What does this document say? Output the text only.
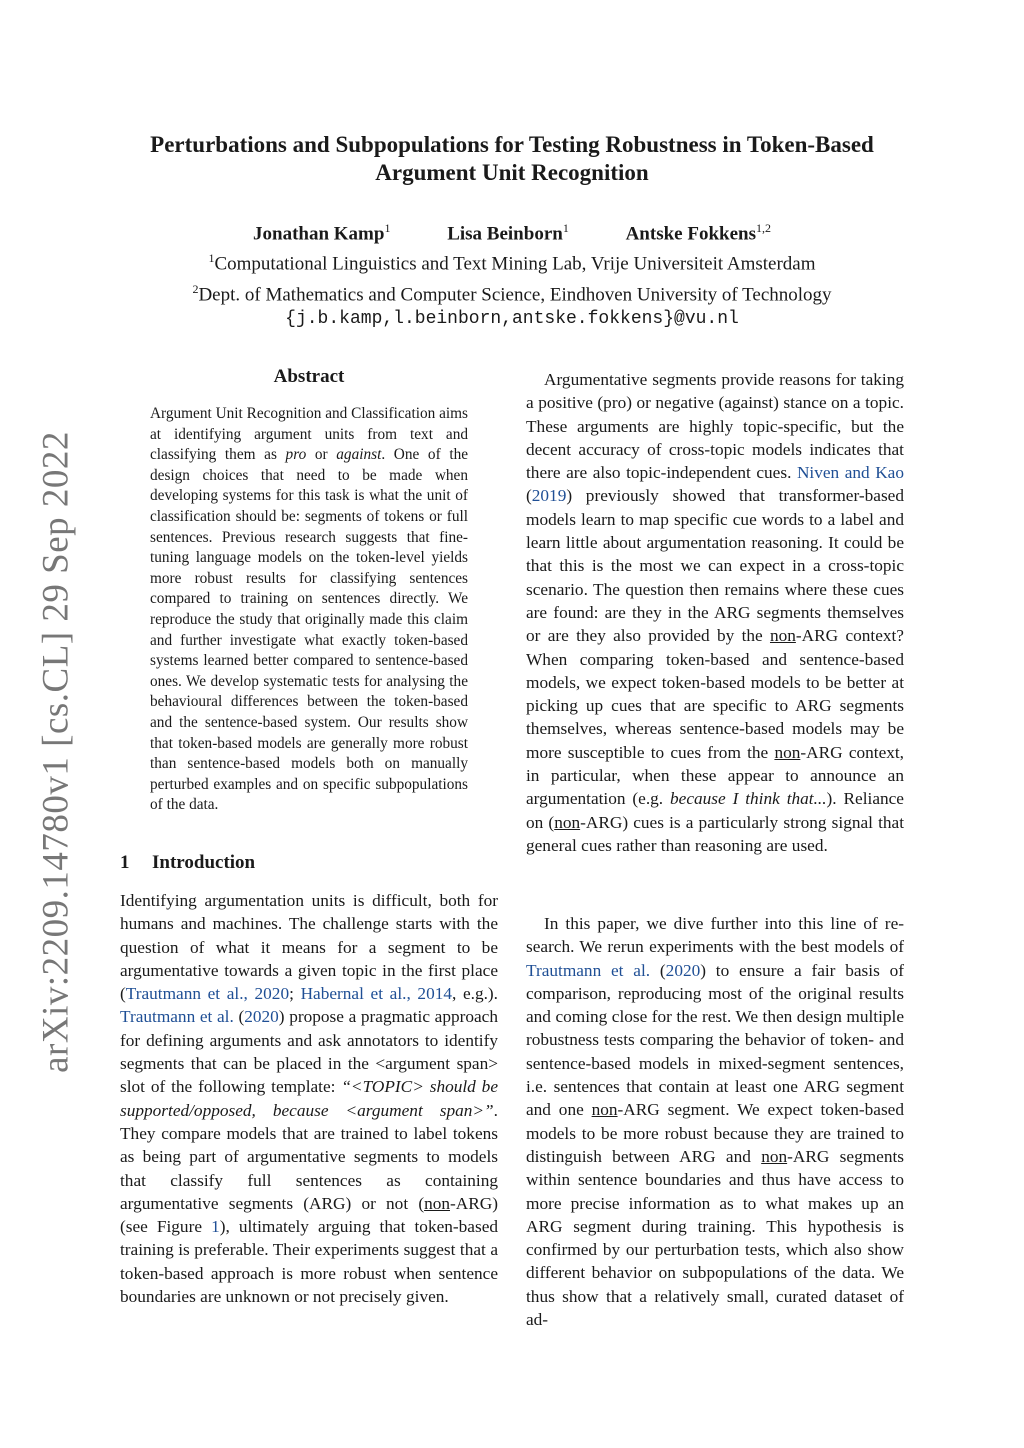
arXiv:2209.14780v1 [cs.CL] 29 Sep 2022
Perturbations and Subpopulations for Testing Robustness in Token-Based
Argument Unit Recognition
Jonathan Kamp$^1$	Lisa Beinborn$^1$	Antske Fokkens$^{1,2}$
$^1$Computational Linguistics and Text Mining Lab, Vrije Universiteit Amsterdam
$^2$Dept. of Mathematics and Computer Science, Eindhoven University of Technology
{j.b.kamp,l.beinborn,antske.fokkens}@vu.nl
Abstract
Argument Unit Recognition and Classification aims at identifying argument units from text and classifying them as pro or against. One of the design choices that need to be made when developing systems for this task is what the unit of classification should be: segments of tokens or full sentences. Previous research suggests that fine-tuning language models on the token-level yields more robust results for classifying sentences compared to training on sentences directly. We reproduce the study that originally made this claim and further investigate what exactly token-based systems learned better compared to sentence-based ones. We develop systematic tests for analysing the behavioural differences between the token-based and the sentence-based system. Our results show that token-based models are generally more robust than sentence-based models both on manually perturbed examples and on specific subpopulations of the data.
1 Introduction

Identifying argumentation units is difficult, both for humans and machines. The challenge starts with the question of what it means for a segment to be argumentative towards a given topic in the first place (Trautmann et al., 2020; Habernal et al., 2014, e.g.). Trautmann et al. (2020) propose a pragmatic approach for defining arguments and ask annotators to identify segments that can be placed in the <argument span> slot of the following template: “<TOPIC> should be supported/opposed, because <argument span>”. They compare models that are trained to label tokens as being part of argumentative segments to models that classify full sentences as containing argumentative segments (ARG) or not (non-ARG) (see Figure 1), ultimately arguing that token-based training is preferable. Their experiments suggest that a token-based approach is more robust when sentence boundaries are unknown or not precisely given.

Argumentative segments provide reasons for taking a positive (pro) or negative (against) stance on a topic. These arguments are highly topic-specific, but the decent accuracy of cross-topic models indicates that there are also topic-independent cues. Niven and Kao (2019) previously showed that transformer-based models learn to map specific cue words to a label and learn little about argumentation reasoning. It could be that this is the most we can expect in a cross-topic scenario. The question then remains where these cues are found: are they in the ARG segments themselves or are they also provided by the non-ARG context? When comparing token-based and sentence-based models, we expect token-based models to be better at picking up cues that are specific to ARG segments themselves, whereas sentence-based models may be more susceptible to cues from the non-ARG context, in particular, when these appear to announce an argumentation (e.g. because I think that...). Reliance on (non-ARG) cues is a particularly strong signal that general cues rather than reasoning are used.

In this paper, we dive further into this line of research. We rerun experiments with the best models of Trautmann et al. (2020) to ensure a fair basis of comparison, reproducing most of the original results and coming close for the rest. We then design multiple robustness tests comparing the behavior of token- and sentence-based models in mixed-segment sentences, i.e. sentences that contain at least one ARG segment and one non-ARG segment. We expect token-based models to be more robust because they are trained to distinguish between ARG and non-ARG segments within sentence boundaries and thus have access to more precise information as to what makes up an ARG segment during training. This hypothesis is confirmed by our perturbation tests, which also show different behavior on subpopulations of the data. We thus show that a relatively small, curated dataset of ad-
